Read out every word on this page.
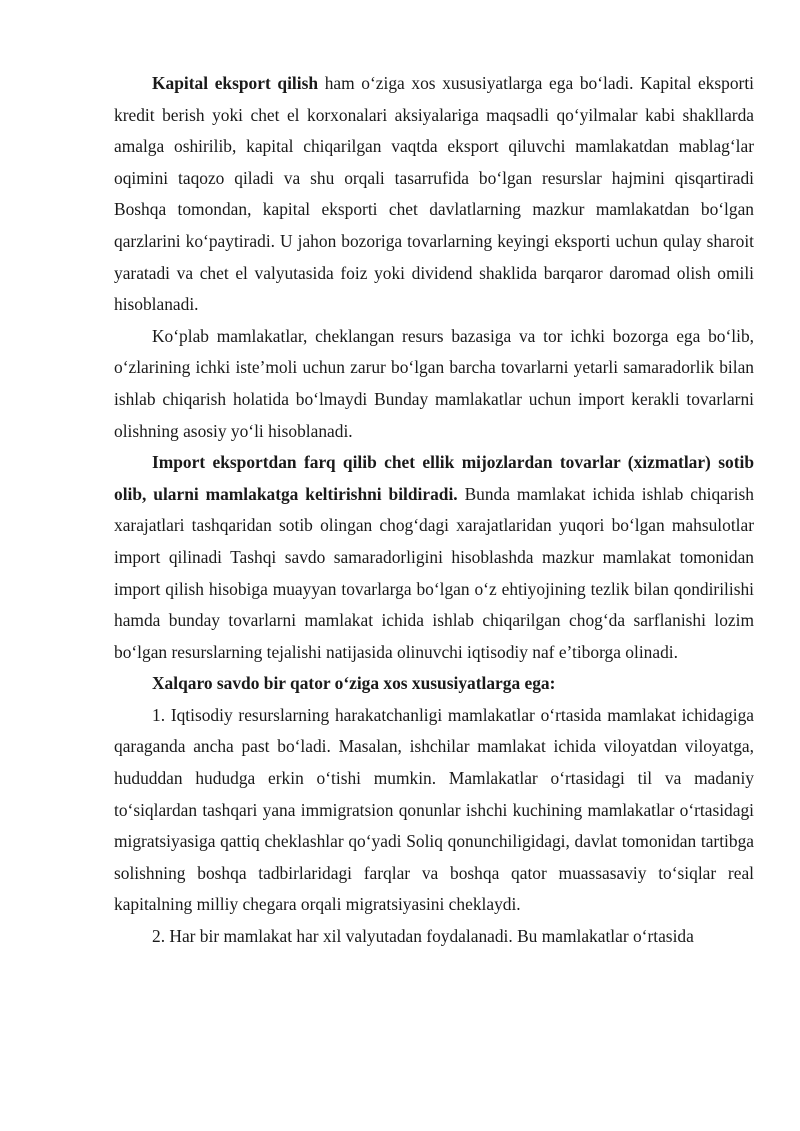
Kapital eksport qilish ham o‘ziga xos xususiyatlarga ega bo‘ladi. Kapital eksporti kredit berish yoki chet el korxonalari aksiyalariga maqsadli qo‘yilmalar kabi shakllarda amalga oshirilib, kapital chiqarilgan vaqtda eksport qiluvchi mamlakatdan mablag‘lar oqimini taqozo qiladi va shu orqali tasarrufida bo‘lgan resurslar hajmini qisqartiradi Boshqa tomondan, kapital eksporti chet davlatlarning mazkur mamlakatdan bo‘lgan qarzlarini ko‘paytiradi. U jahon bozoriga tovarlarning keyingi eksporti uchun qulay sharoit yaratadi va chet el valyutasida foiz yoki dividend shaklida barqaror daromad olish omili hisoblanadi.

Ko‘plab mamlakatlar, cheklangan resurs bazasiga va tor ichki bozorga ega bo‘lib, o‘zlarining ichki iste’moli uchun zarur bo‘lgan barcha tovarlarni yetarli samaradorlik bilan ishlab chiqarish holatida bo‘lmaydi Bunday mamlakatlar uchun import kerakli tovarlarni olishning asosiy yo‘li hisoblanadi.

Import eksportdan farq qilib chet ellik mijozlardan tovarlar (xizmatlar) sotib olib, ularni mamlakatga keltirishni bildiradi. Bunda mamlakat ichida ishlab chiqarish xarajatlari tashqaridan sotib olingan chog‘dagi xarajatlaridan yuqori bo‘lgan mahsulotlar import qilinadi Tashqi savdo samaradorligini hisoblashda mazkur mamlakat tomonidan import qilish hisobiga muayyan tovarlarga bo‘lgan o‘z ehtiyojining tezlik bilan qondirilishi hamda bunday tovarlarni mamlakat ichida ishlab chiqarilgan chog‘da sarflanishi lozim bo‘lgan resurslarning tejalishi natijasida olinuvchi iqtisodiy naf e’tiborga olinadi.

Xalqaro savdo bir qator o‘ziga xos xususiyatlarga ega:

1. Iqtisodiy resurslarning harakatchanligi mamlakatlar o‘rtasida mamlakat ichidagiga qaraganda ancha past bo‘ladi. Masalan, ishchilar mamlakat ichida viloyatdan viloyatga, hududdan hududga erkin o‘tishi mumkin. Mamlakatlar o‘rtasidagi til va madaniy to‘siqlardan tashqari yana immigratsion qonunlar ishchi kuchining mamlakatlar o‘rtasidagi migratsiyasiga qattiq cheklashlar qo‘yadi Soliq qonunchiligidagi, davlat tomonidan tartibga solishning boshqa tadbirlaridagi farqlar va boshqa qator muassasaviy to‘siqlar real kapitalning milliy chegara orqali migratsiyasini cheklaydi.

2. Har bir mamlakat har xil valyutadan foydalanadi. Bu mamlakatlar o‘rtasida
